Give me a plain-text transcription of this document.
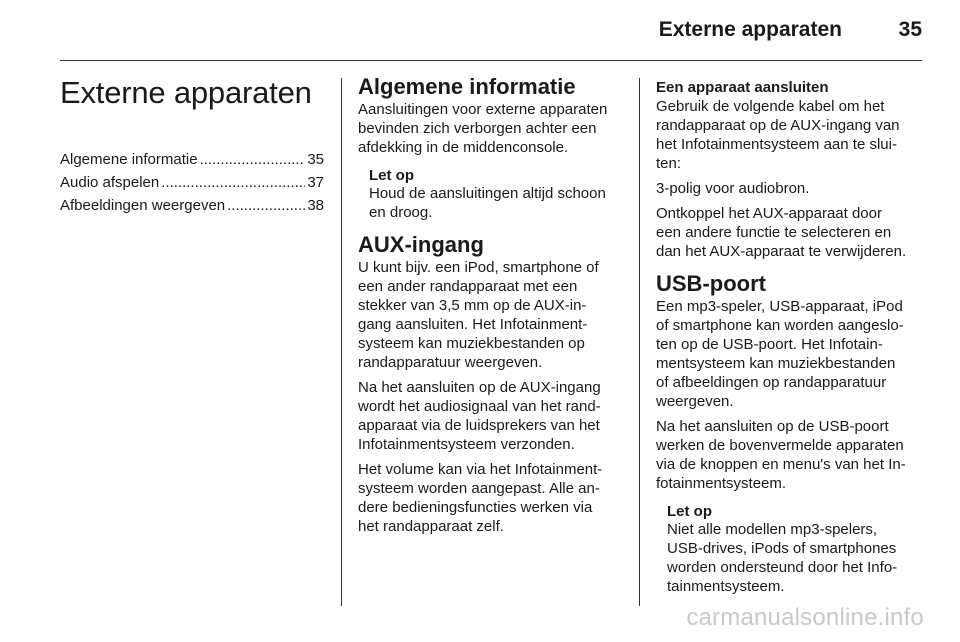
Externe apparaten	35
Externe apparaten
Algemene informatie .....	35
Audio afspelen .....	37
Afbeeldingen weergeven .....	38
Algemene informatie

Aansluitingen voor externe apparaten
bevinden zich verborgen achter een
afdekking in de middenconsole.

Let op

Houd de aansluitingen altijd schoon
en droog.

AUX-ingang

U kunt bijv. een iPod, smartphone of
een ander randapparaat met een
stekker van 3,5 mm op de AUX-in-
gang aansluiten. Het Infotainment-
systeem kan muziekbestanden op
randapparatuur weergeven.

Na het aansluiten op de AUX-ingang
wordt het audiosignaal van het rand-
apparaat via de luidsprekers van het
Infotainmentsysteem verzonden.

Het volume kan via het Infotainment-
systeem worden aangepast. Alle an-
dere bedieningsfuncties werken via
het randapparaat zelf.

Een apparaat aansluiten

Gebruik de volgende kabel om het
randapparaat op de AUX-ingang van
het Infotainmentsysteem aan te slui-
ten:

3-polig voor audiobron.

Ontkoppel het AUX-apparaat door
een andere functie te selecteren en
dan het AUX-apparaat te verwijderen.

USB-poort

Een mp3-speler, USB-apparaat, iPod
of smartphone kan worden aangeslo-
ten op de USB-poort. Het Infotain-
mentsysteem kan muziekbestanden
of afbeeldingen op randapparatuur
weergeven.

Na het aansluiten op de USB-poort
werken de bovenvermelde apparaten
via de knoppen en menu's van het In-
fotainmentsysteem.

Let op

Niet alle modellen mp3-spelers,
USB-drives, iPods of smartphones
worden ondersteund door het Info-
tainmentsysteem.

carmanualsonline.info
